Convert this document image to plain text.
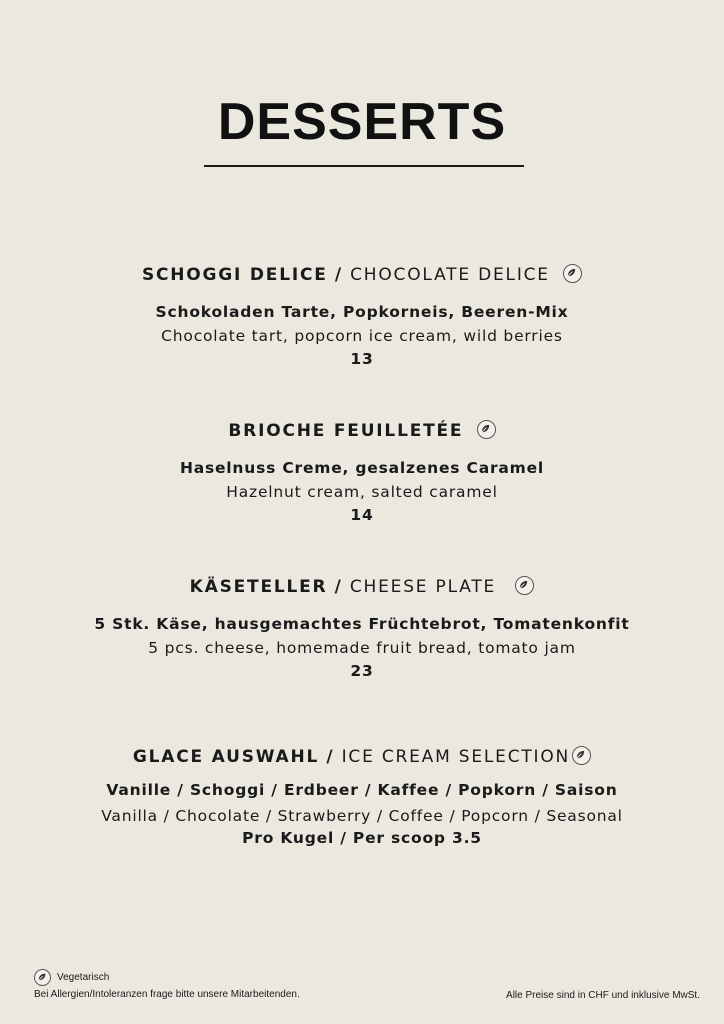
DESSERTS
SCHOGGI DELICE / CHOCOLATE DELICE
Schokoladen Tarte, Popkorneis, Beeren-Mix
Chocolate tart, popcorn ice cream, wild berries
13
BRIOCHE FEUILLETÉE
Haselnuss Creme, gesalzenes Caramel
Hazelnut cream, salted caramel
14
KÄSETELLER / CHEESE PLATE
5 Stk. Käse, hausgemachtes Früchtebrot, Tomatenkonfit
5 pcs. cheese, homemade fruit bread, tomato jam
23
GLACE AUSWAHL / ICE CREAM SELECTION
Vanille / Schoggi / Erdbeer / Kaffee / Popkorn / Saison
Vanilla / Chocolate / Strawberry / Coffee / Popcorn / Seasonal
Pro Kugel / Per scoop 3.5
Vegetarisch
Bei Allergien/Intoleranzen frage bitte unsere Mitarbeitenden.	Alle Preise sind in CHF und inklusive MwSt.
